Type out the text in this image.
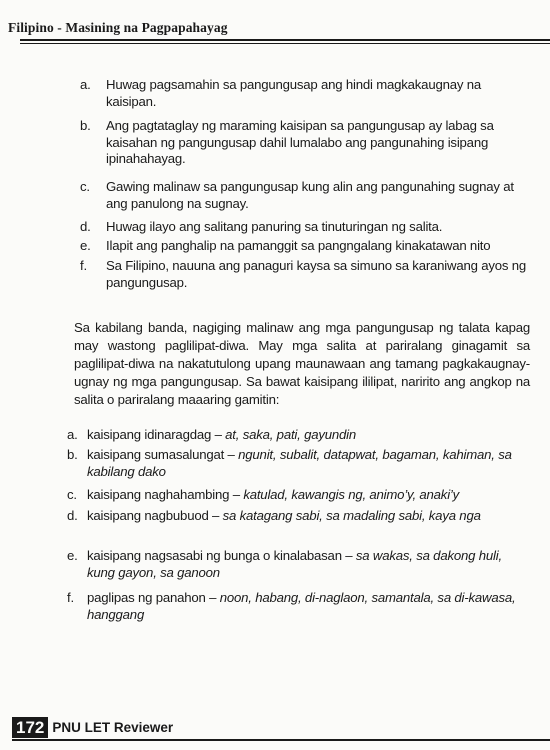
Filipino - Masining na Pagpapahayag
a. Huwag pagsamahin sa pangungusap ang hindi magkakaugnay na kaisipan.
b. Ang pagtataglay ng maraming kaisipan sa pangungusap ay labag sa kaisahan ng pangungusap dahil lumalabo ang pangunahing isipang ipinahahayag.
c. Gawing malinaw sa pangungusap kung alin ang pangunahing sugnay at ang panulong na sugnay.
d. Huwag ilayo ang salitang panuring sa tinuturingan ng salita.
e. Ilapit ang panghalip na pamanggit sa pangngalang kinakatawan nito
f. Sa Filipino, nauuna ang panaguri kaysa sa simuno sa karaniwang ayos ng pangungusap.
Sa kabilang banda, nagiging malinaw ang mga pangungusap ng talata kapag may wastong paglilipat-diwa. May mga salita at pariralang ginagamit sa paglilipat-diwa na nakatutulong upang maunawaan ang tamang pagkakaugnay-ugnay ng mga pangungusap. Sa bawat kaisipang ililipat, naririto ang angkop na salita o pariralang maaaring gamitin:
a. kaisipang idinaragdag – at, saka, pati, gayundin
b. kaisipang sumasalungat – ngunit, subalit, datapwat, bagaman, kahiman, sa kabilang dako
c. kaisipang naghahambing – katulad, kawangis ng, animo’y, anaki’y
d. kaisipang nagbubuod – sa katagang sabi, sa madaling sabi, kaya nga
e. kaisipang nagsasabi ng bunga o kinalabasan – sa wakas, sa dakong huli, kung gayon, sa ganoon
f. paglipas ng panahon – noon, habang, di-naglaon, samantala, sa di-kawasa, hanggang
172 PNU LET Reviewer
